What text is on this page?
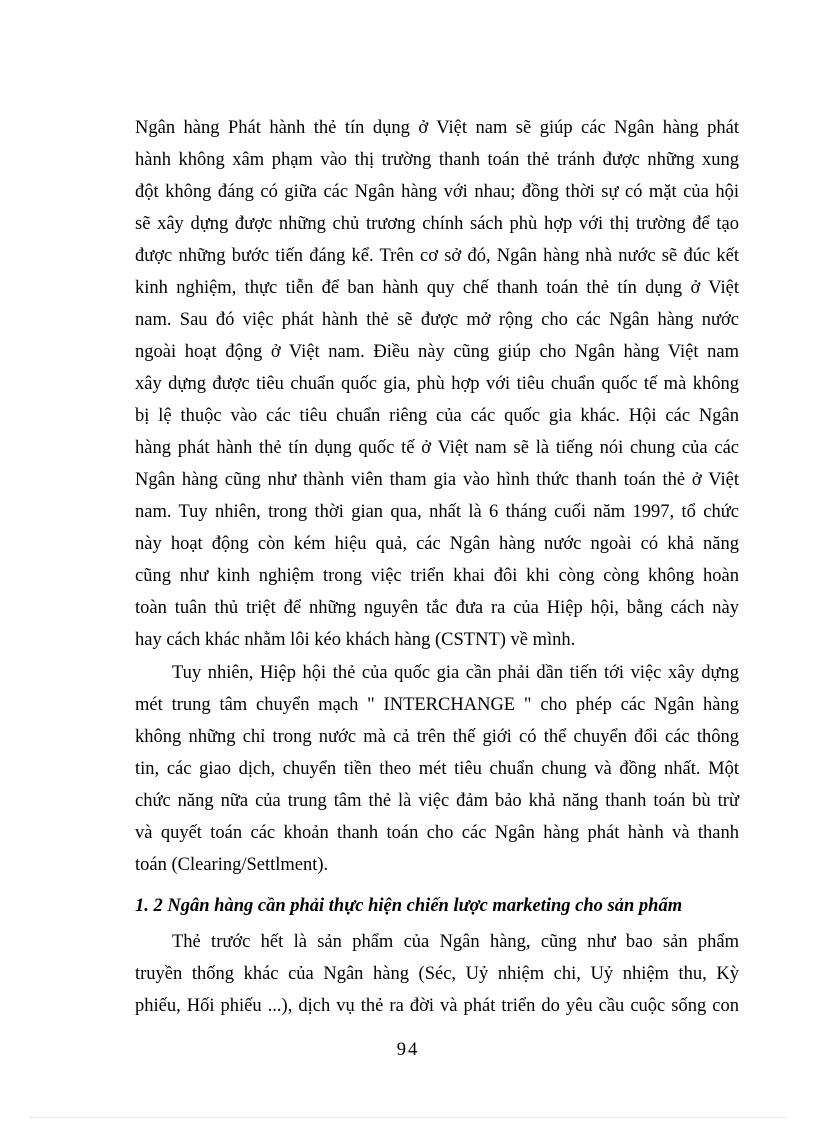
Ngân hàng Phát hành thẻ tín dụng ở Việt nam sẽ giúp các Ngân hàng phát
hành không xâm phạm vào thị trường thanh toán thẻ tránh được những xung
đột không đáng có giữa các Ngân hàng với nhau; đồng thời sự có mặt của hội
sẽ xây dựng được những chủ trương chính sách phù hợp với thị trường để tạo
được những bước tiến đáng kể. Trên cơ sở đó, Ngân hàng nhà nước sẽ đúc kết
kinh nghiệm, thực tiễn để ban hành quy chế thanh toán thẻ tín dụng ở Việt
nam. Sau đó việc phát hành thẻ sẽ được mở rộng cho các Ngân hàng nước
ngoài hoạt động ở Việt nam. Điều này cũng giúp cho Ngân hàng Việt nam
xây dựng được tiêu chuẩn quốc gia, phù hợp với tiêu chuẩn quốc tế mà không
bị lệ thuộc vào các tiêu chuẩn riêng của các quốc gia khác. Hội các Ngân
hàng phát hành thẻ tín dụng quốc tế ở Việt nam sẽ là tiếng nói chung của các
Ngân hàng cũng như thành viên tham gia vào hình thức thanh toán thẻ ở Việt
nam. Tuy nhiên, trong thời gian qua, nhất là 6 tháng cuối năm 1997, tổ chức
này hoạt động còn kém hiệu quả, các Ngân hàng nước ngoài có khả năng
cũng như kinh nghiệm trong việc triển khai đôi khi còng còng không hoàn
toàn tuân thủ triệt để những nguyên tắc đưa ra của Hiệp hội, bằng cách này
hay cách khác nhằm lôi kéo khách hàng (CSTNT) về mình.
Tuy nhiên, Hiệp hội thẻ của quốc gia cần phải dần tiến tới việc xây dựng
mét trung tâm chuyển mạch " INTERCHANGE " cho phép các Ngân hàng
không những chỉ trong nước mà cả trên thế giới có thể chuyển đổi các thông
tin, các giao dịch, chuyển tiền theo mét tiêu chuẩn chung và đồng nhất. Một
chức năng nữa của trung tâm thẻ là việc đảm bảo khả năng thanh toán bù trừ
và quyết toán các khoản thanh toán cho các Ngân hàng phát hành và thanh
toán (Clearing/Settlment).
1. 2 Ngân hàng cần phải thực hiện chiến lược marketing cho sản phẩm
Thẻ trước hết là sản phẩm của Ngân hàng, cũng như bao sản phẩm
truyền thống khác của Ngân hàng (Séc, Uỷ nhiệm chi, Uỷ nhiệm thu, Kỳ
phiếu, Hối phiếu ...), dịch vụ thẻ ra đời và phát triển do yêu cầu cuộc sống con
94
